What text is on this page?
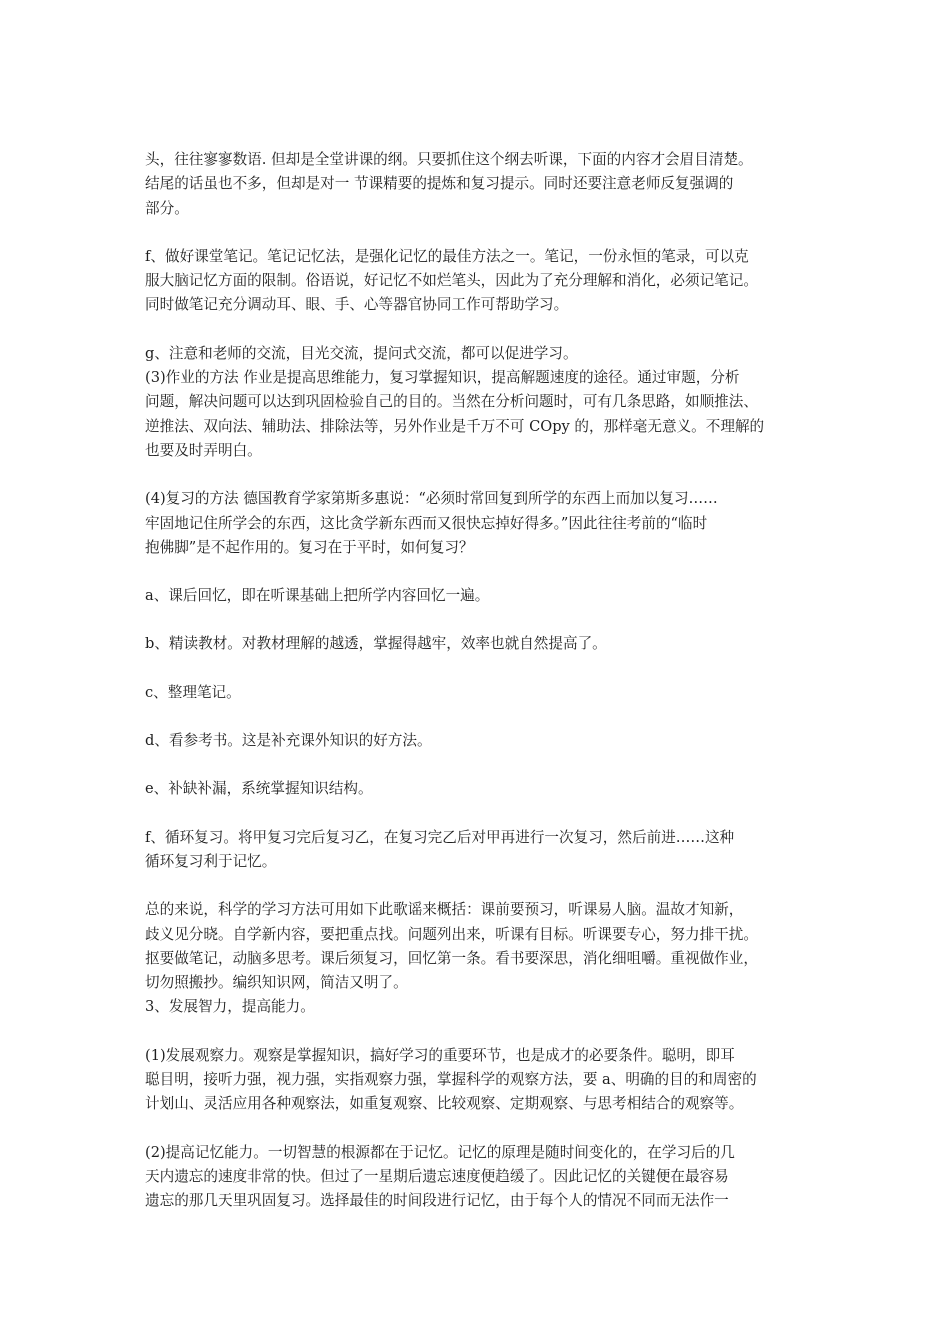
头，往往寥寥数语. 但却是全堂讲课的纲。只要抓住这个纲去听课，下面的内容才会眉目清楚。
结尾的话虽也不多，但却是对一 节课精要的提炼和复习提示。同时还要注意老师反复强调的
部分。
f、做好课堂笔记。笔记记忆法，是强化记忆的最佳方法之一。笔记，一份永恒的笔录，可以克
服大脑记忆方面的限制。俗语说，好记忆不如烂笔头，因此为了充分理解和消化，必须记笔记。
同时做笔记充分调动耳、眼、手、心等器官协同工作可帮助学习。
g、注意和老师的交流，目光交流，提问式交流，都可以促进学习。
(3)作业的方法 作业是提高思维能力，复习掌握知识，提高解题速度的途径。通过审题，分析
问题，解决问题可以达到巩固检验自己的目的。当然在分析问题时，可有几条思路，如顺推法、
逆推法、双向法、辅助法、排除法等，另外作业是千万不可 COpy 的，那样毫无意义。不理解的
也要及时弄明白。
(4)复习的方法 德国教育学家第斯多惠说：“必须时常回复到所学的东西上而加以复习……
牢固地记住所学会的东西，这比贪学新东西而又很快忘掉好得多。”因此往往考前的“临时
抱佛脚”是不起作用的。复习在于平时，如何复习？
a、课后回忆，即在听课基础上把所学内容回忆一遍。
b、精读教材。对教材理解的越透，掌握得越牢，效率也就自然提高了。
c、整理笔记。
d、看参考书。这是补充课外知识的好方法。
e、补缺补漏，系统掌握知识结构。
f、循环复习。将甲复习完后复习乙，在复习完乙后对甲再进行一次复习，然后前进……这种
循环复习利于记忆。
总的来说，科学的学习方法可用如下此歌谣来概括：课前要预习，听课易人脑。温故才知新，
歧义见分晓。自学新内容，要把重点找。问题列出来，听课有目标。听课要专心，努力排干扰。
抠要做笔记，动脑多思考。课后须复习，回忆第一条。看书要深思，消化细咀嚼。重视做作业，
切勿照搬抄。编织知识网，简洁又明了。
3、发展智力，提高能力。
(1)发展观察力。观察是掌握知识，搞好学习的重要环节，也是成才的必要条件。聪明，即耳
聪目明，接听力强，视力强，实指观察力强，掌握科学的观察方法，要 a、明确的目的和周密的
计划山、灵活应用各种观察法，如重复观察、比较观察、定期观察、与思考相结合的观察等。
(2)提高记忆能力。一切智慧的根源都在于记忆。记忆的原理是随时间变化的，在学习后的几
天内遗忘的速度非常的快。但过了一星期后遗忘速度便趋缓了。因此记忆的关键便在最容易
遗忘的那几天里巩固复习。选择最佳的时间段进行记忆，由于每个人的情况不同而无法作一
